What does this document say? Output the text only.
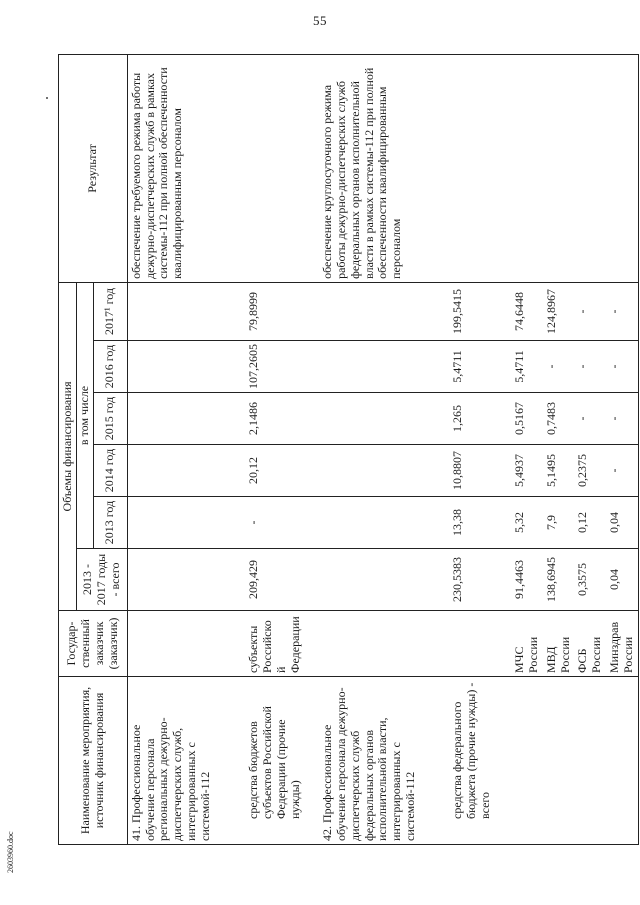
55
2603960.doc
Наименование мероприятия, источник финансирования	Государ-ственный заказчик (заказчик)	Объемы финансирования						Результат
		2013 - 2017 годы - всего	в том числе					
			2013 год	2014 год	2015 год	2016 год	2017¹ год	
41. Профессиональное обучение персонала региональных дежурно-диспетчерских служб, интегрированных с системой-112								обеспечение требуемого режима работы дежурно-диспетчерских служб в рамках системы-112 при полной обеспеченности квалифицированным персоналом
средства бюджетов субъектов Российской Федерации (прочие нужды)	субъекты Российской Федерации	209,429	-	20,12	2,1486	107,2605	79,8999	
42. Профессиональное обучение персонала дежурно-диспетчерских служб федеральных органов исполнительной власти, интегрированных с системой-112								обеспечение круглосуточного режима работы дежурно-диспетчерских служб федеральных органов исполнительной власти в рамках системы-112 при полной обеспеченности квалифицированным персоналом
средства федерального бюджета (прочие нужды) - всего		230,5383	13,38	10,8807	1,265	5,4711	199,5415	
	МЧС России	91,4463	5,32	5,4937	0,5167	5,4711	74,6448	
	МВД России	138,6945	7,9	5,1495	0,7483	-	124,8967	
	ФСБ России	0,3575	0,12	0,2375	-	-	-	
	Минздрав России	0,04	0,04	-	-	-	-	
